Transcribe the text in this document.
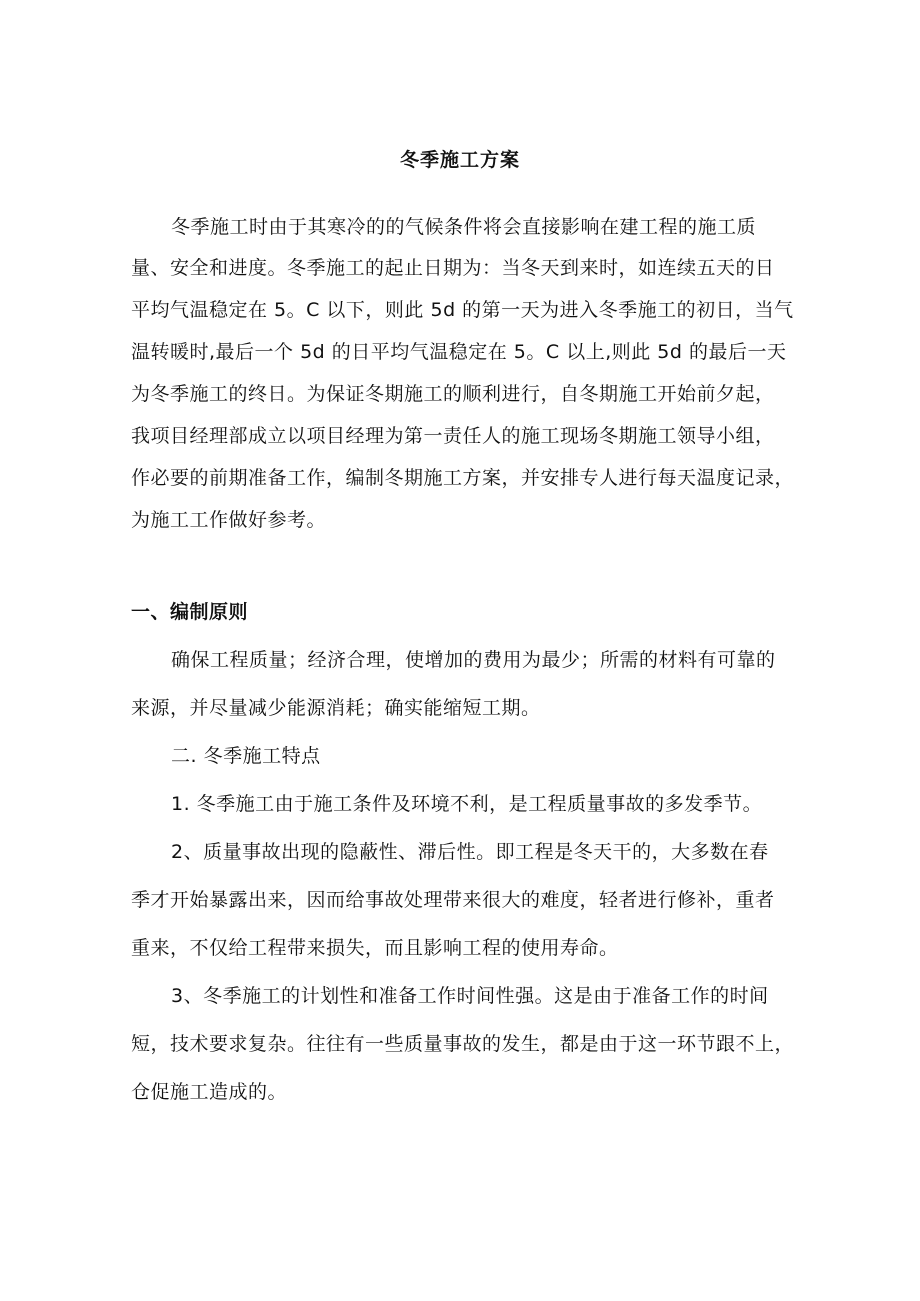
冬季施工方案
冬季施工时由于其寒冷的的气候条件将会直接影响在建工程的施工质
量、安全和进度。冬季施工的起止日期为：当冬天到来时，如连续五天的日
平均气温稳定在 5。C 以下，则此 5d 的第一天为进入冬季施工的初日，当气
温转暖时,最后一个 5d 的日平均气温稳定在 5。C 以上,则此 5d 的最后一天
为冬季施工的终日。为保证冬期施工的顺利进行，自冬期施工开始前夕起，
我项目经理部成立以项目经理为第一责任人的施工现场冬期施工领导小组，
作必要的前期准备工作，编制冬期施工方案，并安排专人进行每天温度记录，
为施工工作做好参考。
一、编制原则
确保工程质量；经济合理，使增加的费用为最少；所需的材料有可靠的
来源，并尽量减少能源消耗；确实能缩短工期。
二. 冬季施工特点
1. 冬季施工由于施工条件及环境不利，是工程质量事故的多发季节。
2、质量事故出现的隐蔽性、滞后性。即工程是冬天干的，大多数在春
季才开始暴露出来，因而给事故处理带来很大的难度，轻者进行修补，重者
重来，不仅给工程带来损失，而且影响工程的使用寿命。
3、冬季施工的计划性和准备工作时间性强。这是由于准备工作的时间
短，技术要求复杂。往往有一些质量事故的发生，都是由于这一环节跟不上，
仓促施工造成的。
